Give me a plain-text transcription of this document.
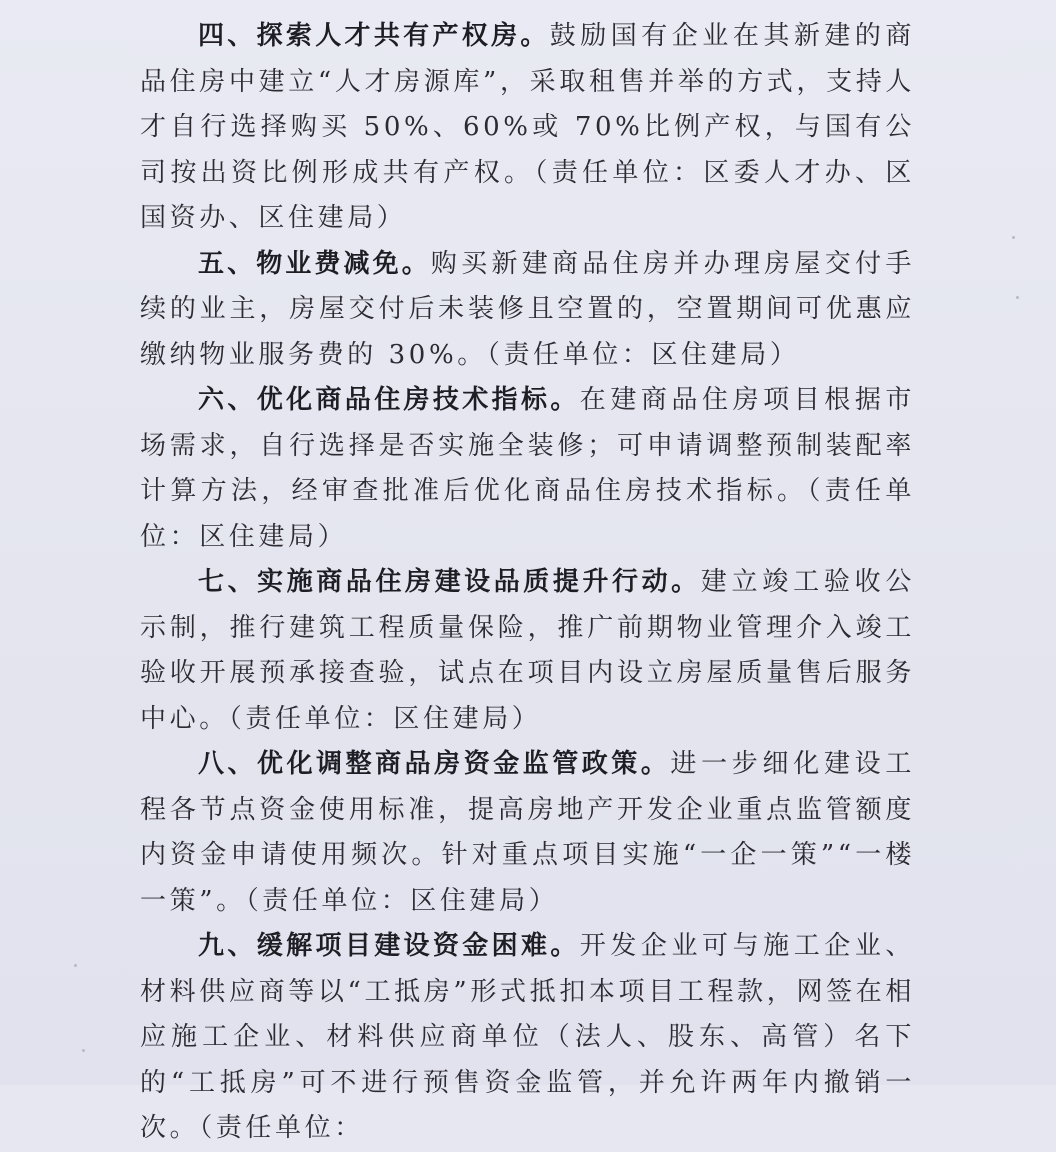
四、探索人才共有产权房。鼓励国有企业在其新建的商品住房中建立“人才房源库”，采取租售并举的方式，支持人才自行选择购买 50%、60%或 70%比例产权，与国有公司按出资比例形成共有产权。（责任单位：区委人才办、区国资办、区住建局）

五、物业费减免。购买新建商品住房并办理房屋交付手续的业主，房屋交付后未装修且空置的，空置期间可优惠应缴纳物业服务费的 30%。（责任单位：区住建局）

六、优化商品住房技术指标。在建商品住房项目根据市场需求，自行选择是否实施全装修；可申请调整预制装配率计算方法，经审查批准后优化商品住房技术指标。（责任单位：区住建局）

七、实施商品住房建设品质提升行动。建立竣工验收公示制，推行建筑工程质量保险，推广前期物业管理介入竣工验收开展预承接查验，试点在项目内设立房屋质量售后服务中心。（责任单位：区住建局）

八、优化调整商品房资金监管政策。进一步细化建设工程各节点资金使用标准，提高房地产开发企业重点监管额度内资金申请使用频次。针对重点项目实施“一企一策”“一楼一策”。（责任单位：区住建局）

九、缓解项目建设资金困难。开发企业可与施工企业、材料供应商等以“工抵房”形式抵扣本项目工程款，网签在相应施工企业、材料供应商单位（法人、股东、高管）名下的“工抵房”可不进行预售资金监管，并允许两年内撤销一次。（责任单位：
